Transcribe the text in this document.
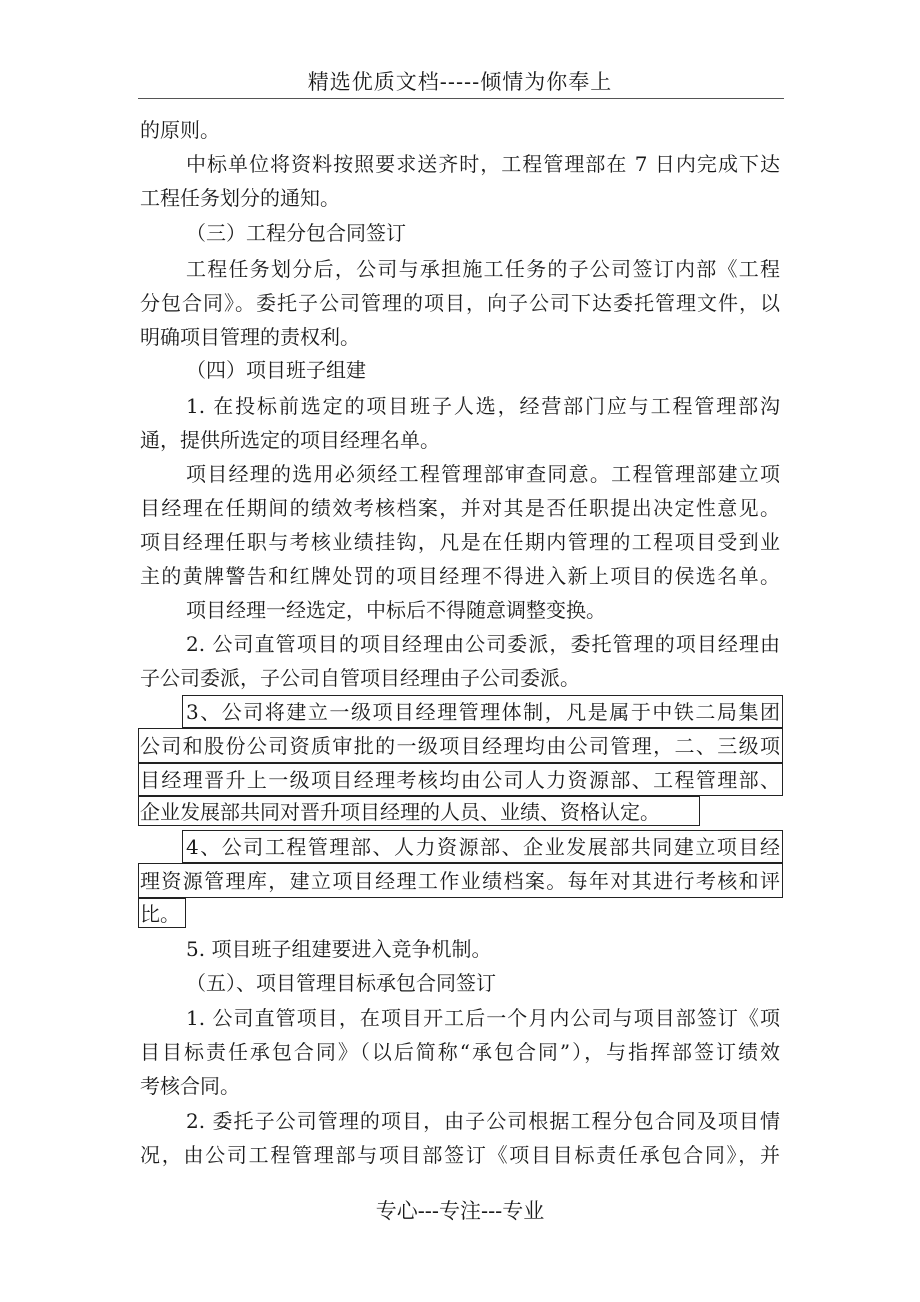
精选优质文档-----倾情为你奉上
的原则。
中标单位将资料按照要求送齐时，工程管理部在 7 日内完成下达
工程任务划分的通知。
（三）工程分包合同签订
工程任务划分后，公司与承担施工任务的子公司签订内部《工程
分包合同》。委托子公司管理的项目，向子公司下达委托管理文件，以
明确项目管理的责权利。
（四）项目班子组建
1. 在投标前选定的项目班子人选，经营部门应与工程管理部沟
通，提供所选定的项目经理名单。
项目经理的选用必须经工程管理部审查同意。工程管理部建立项
目经理在任期间的绩效考核档案，并对其是否任职提出决定性意见。
项目经理任职与考核业绩挂钩，凡是在任期内管理的工程项目受到业
主的黄牌警告和红牌处罚的项目经理不得进入新上项目的侯选名单。
项目经理一经选定，中标后不得随意调整变换。
2. 公司直管项目的项目经理由公司委派，委托管理的项目经理由
子公司委派，子公司自管项目经理由子公司委派。
3、公司将建立一级项目经理管理体制，凡是属于中铁二局集团
公司和股份公司资质审批的一级项目经理均由公司管理，二、三级项
目经理晋升上一级项目经理考核均由公司人力资源部、工程管理部、
企业发展部共同对晋升项目经理的人员、业绩、资格认定。
4、公司工程管理部、人力资源部、企业发展部共同建立项目经
理资源管理库，建立项目经理工作业绩档案。每年对其进行考核和评
比。
5. 项目班子组建要进入竞争机制。
（五）、项目管理目标承包合同签订
1. 公司直管项目，在项目开工后一个月内公司与项目部签订《项
目目标责任承包合同》（以后简称“承包合同”），与指挥部签订绩效
考核合同。
2. 委托子公司管理的项目，由子公司根据工程分包合同及项目情
况，由公司工程管理部与项目部签订《项目目标责任承包合同》，并
专心---专注---专业
